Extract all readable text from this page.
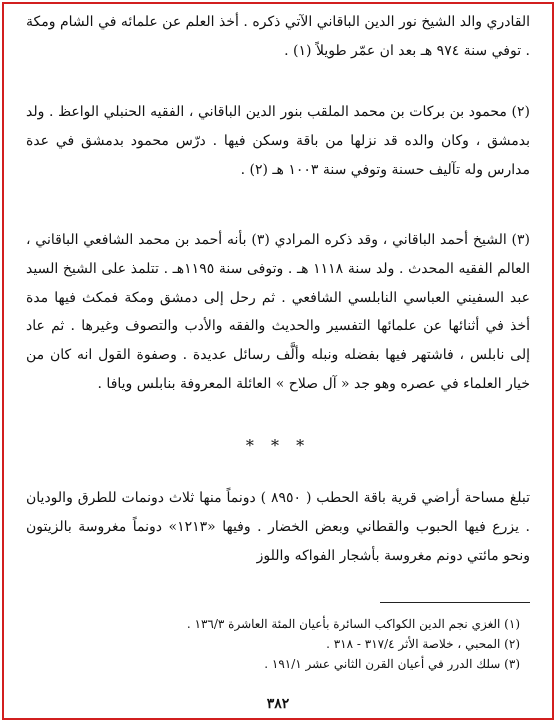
القادري والد الشيخ نور الدين الباقاني الآتي ذكره . أخذ العلم عن علمائه في الشام ومكة . توفي سنة ٩٧٤ هـ بعد ان عمّر طويلاً (١) .

(٢) محمود بن بركات بن محمد الملقب بنور الدين الباقاني ، الفقيه الحنبلي الواعظ . ولد بدمشق ، وكان والده قد نزلها من باقة وسكن فيها . درّس محمود بدمشق في عدة مدارس وله تآليف حسنة وتوفي سنة ١٠٠٣ هـ (٢) .

(٣) الشيخ أحمد الباقاني ، وقد ذكره المرادي (٣) بأنه أحمد بن محمد الشافعي الباقاني ، العالم الفقيه المحدث . ولد سنة ١١١٨ هـ . وتوفى سنة ١١٩٥هـ . تتلمذ على الشيخ السيد عبد السفيني العباسي النابلسي الشافعي . ثم رحل إلى دمشق ومكة فمكث فيها مدة أخذ في أثنائها عن علمائها التفسير والحديث والفقه والأدب والتصوف وغيرها . ثم عاد إلى نابلس ، فاشتهر فيها بفضله ونبله وألَّف رسائل عديدة . وصفوة القول انه كان من خيار العلماء في عصره وهو جد « آل صلاح » العائلة المعروفة بنابلس ويافا .

* * *

تبلغ مساحة أراضي قرية باقة الحطب ( ٨٩٥٠ ) دونماً منها ثلاث دونمات للطرق والوديان . يزرع فيها الحبوب والقطاني وبعض الخضار . وفيها «١٢١٣» دونماً مغروسة بالزيتون ونحو مائتي دونم مغروسة بأشجار الفواكه واللوز

(١) الغزي نجم الدين الكواكب السائرة بأعيان المئة العاشرة ١٣٦/٣ .
(٢) المحبي ، خلاصة الأثر ٣١٧/٤ - ٣١٨ .
(٣) سلك الدرر في أعيان القرن الثاني عشر ١٩١/١ .
٣٨٢
